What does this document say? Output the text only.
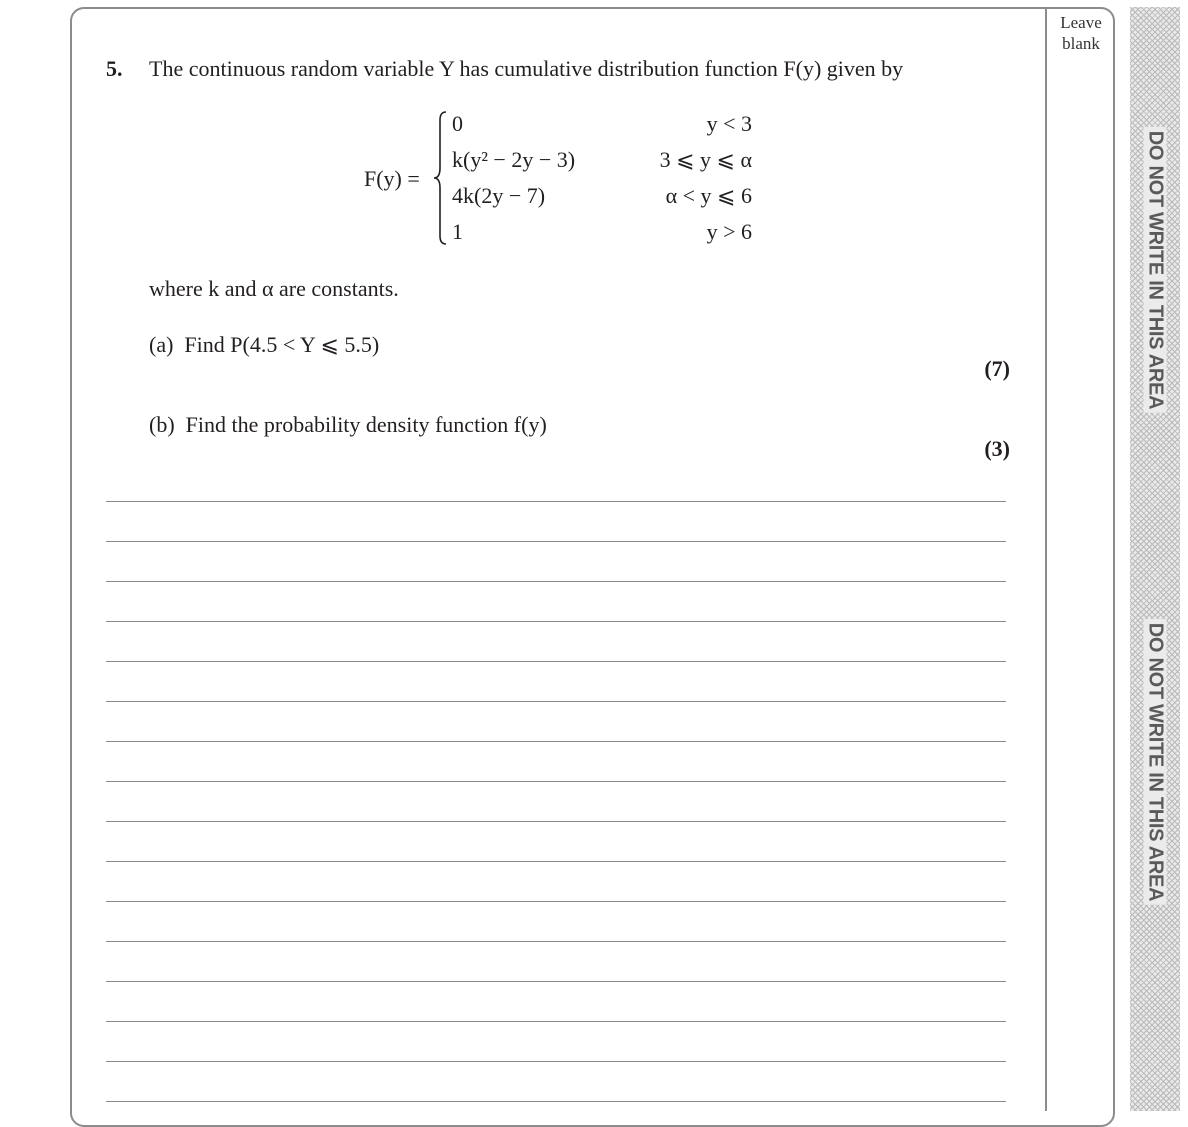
Leave blank
DO NOT WRITE IN THIS AREA
DO NOT WRITE IN THIS AREA
5. The continuous random variable Y has cumulative distribution function F(y) given by
F(y) =
0	y < 3
k(y² − 2y − 3)	3 ⩽ y ⩽ α
4k(2y − 7)	α < y ⩽ 6
1	y > 6
where k and α are constants.
(a) Find P(4.5 < Y ⩽ 5.5)
(7)
(b) Find the probability density function f(y)
(3)
